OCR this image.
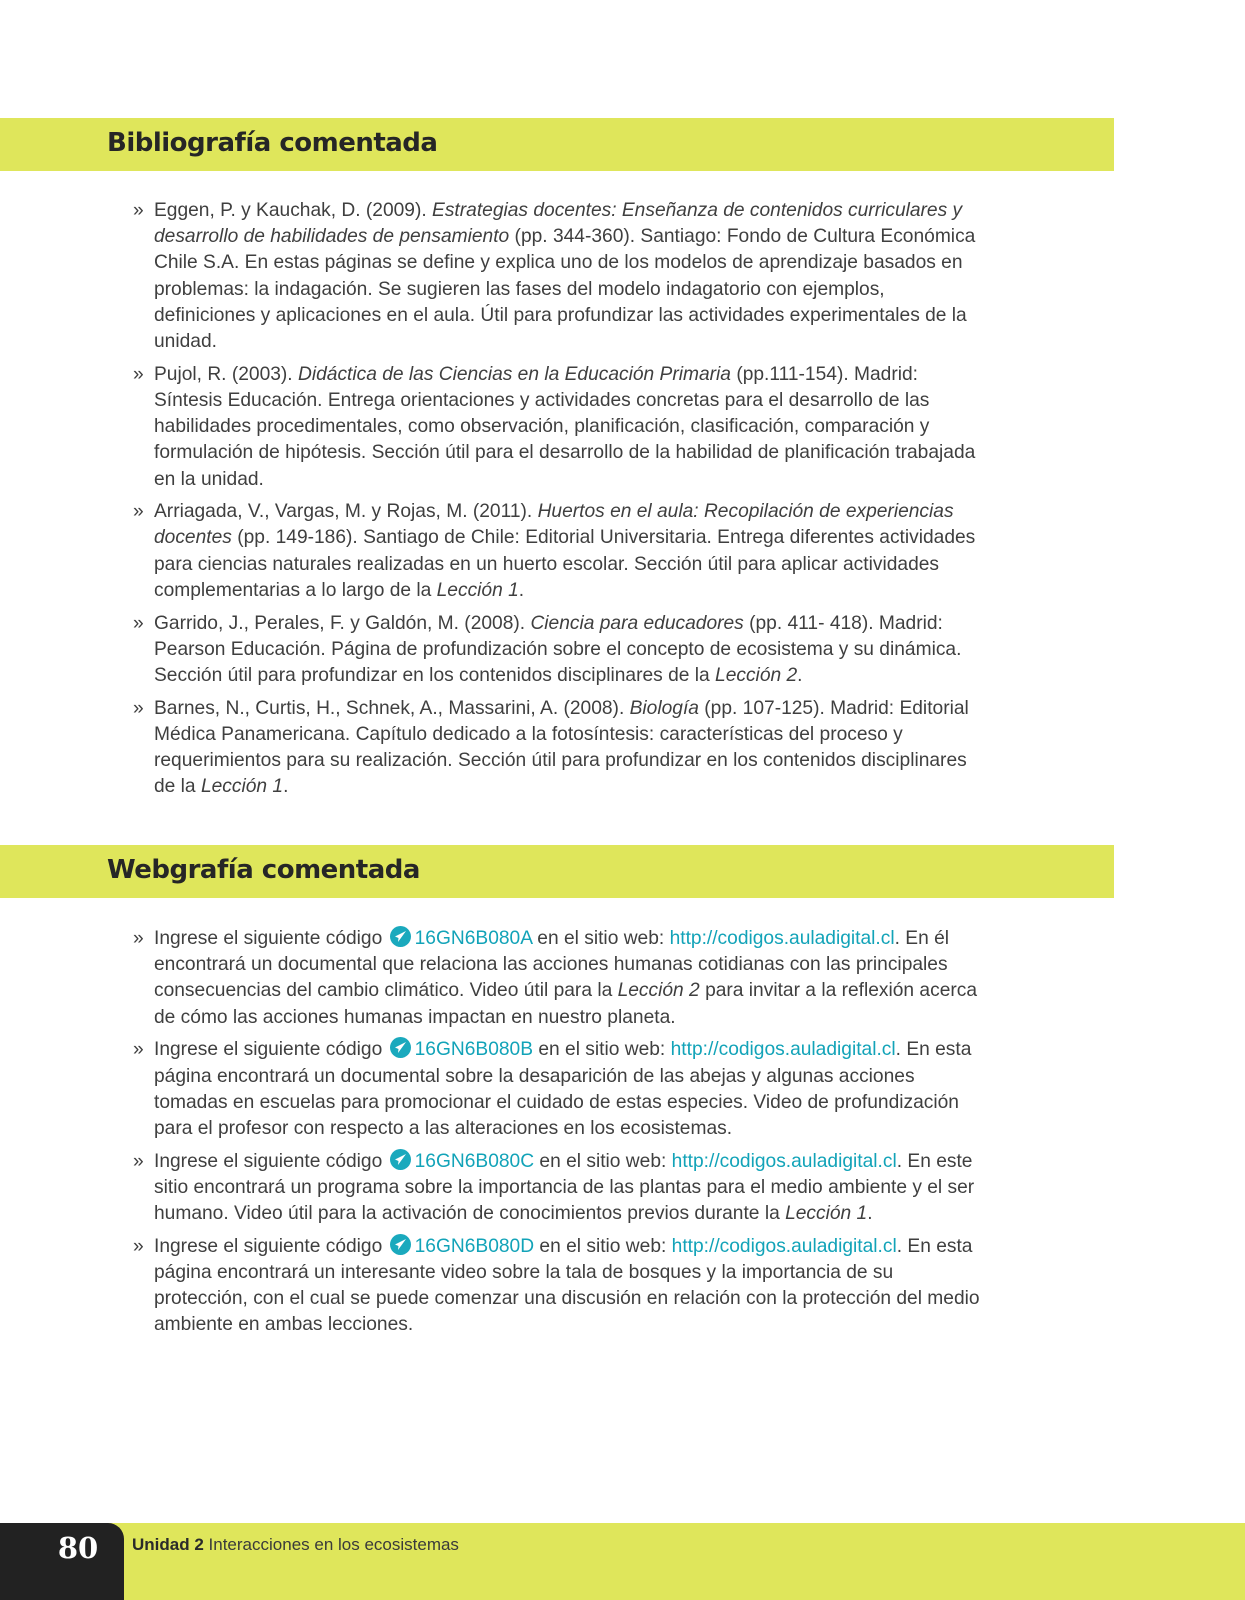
Bibliografía comentada
» Eggen, P. y Kauchak, D. (2009). Estrategias docentes: Enseñanza de contenidos curriculares y desarrollo de habilidades de pensamiento (pp. 344-360). Santiago: Fondo de Cultura Económica Chile S.A. En estas páginas se define y explica uno de los modelos de aprendizaje basados en problemas: la indagación. Se sugieren las fases del modelo indagatorio con ejemplos, definiciones y aplicaciones en el aula. Útil para profundizar las actividades experimentales de la unidad.
» Pujol, R. (2003). Didáctica de las Ciencias en la Educación Primaria (pp.111-154). Madrid: Síntesis Educación. Entrega orientaciones y actividades concretas para el desarrollo de las habilidades procedimentales, como observación, planificación, clasificación, comparación y formulación de hipótesis. Sección útil para el desarrollo de la habilidad de planificación trabajada en la unidad.
» Arriagada, V., Vargas, M. y Rojas, M. (2011). Huertos en el aula: Recopilación de experiencias docentes (pp. 149-186). Santiago de Chile: Editorial Universitaria. Entrega diferentes actividades para ciencias naturales realizadas en un huerto escolar. Sección útil para aplicar actividades complementarias a lo largo de la Lección 1.
» Garrido, J., Perales, F. y Galdón, M. (2008). Ciencia para educadores (pp. 411- 418). Madrid: Pearson Educación. Página de profundización sobre el concepto de ecosistema y su dinámica. Sección útil para profundizar en los contenidos disciplinares de la Lección 2.
» Barnes, N., Curtis, H., Schnek, A., Massarini, A. (2008). Biología (pp. 107-125). Madrid: Editorial Médica Panamericana. Capítulo dedicado a la fotosíntesis: características del proceso y requerimientos para su realización. Sección útil para profundizar en los contenidos disciplinares de la Lección 1.
Webgrafía comentada
» Ingrese el siguiente código
16GN6B080A en el sitio web: http://codigos.auladigital.cl. En él encontrará un documental que relaciona las acciones humanas cotidianas con las principales consecuencias del cambio climático. Video útil para la Lección 2 para invitar a la reflexión acerca de cómo las acciones humanas impactan en nuestro planeta.
» Ingrese el siguiente código
16GN6B080B en el sitio web: http://codigos.auladigital.cl. En esta página encontrará un documental sobre la desaparición de las abejas y algunas acciones tomadas en escuelas para promocionar el cuidado de estas especies. Video de profundización para el profesor con respecto a las alteraciones en los ecosistemas.
» Ingrese el siguiente código
16GN6B080C en el sitio web: http://codigos.auladigital.cl. En este sitio encontrará un programa sobre la importancia de las plantas para el medio ambiente y el ser humano. Video útil para la activación de conocimientos previos durante la Lección 1.
» Ingrese el siguiente código
16GN6B080D en el sitio web: http://codigos.auladigital.cl. En esta página encontrará un interesante video sobre la tala de bosques y la importancia de su protección, con el cual se puede comenzar una discusión en relación con la protección del medio ambiente en ambas lecciones.
80	Unidad 2 Interacciones en los ecosistemas
